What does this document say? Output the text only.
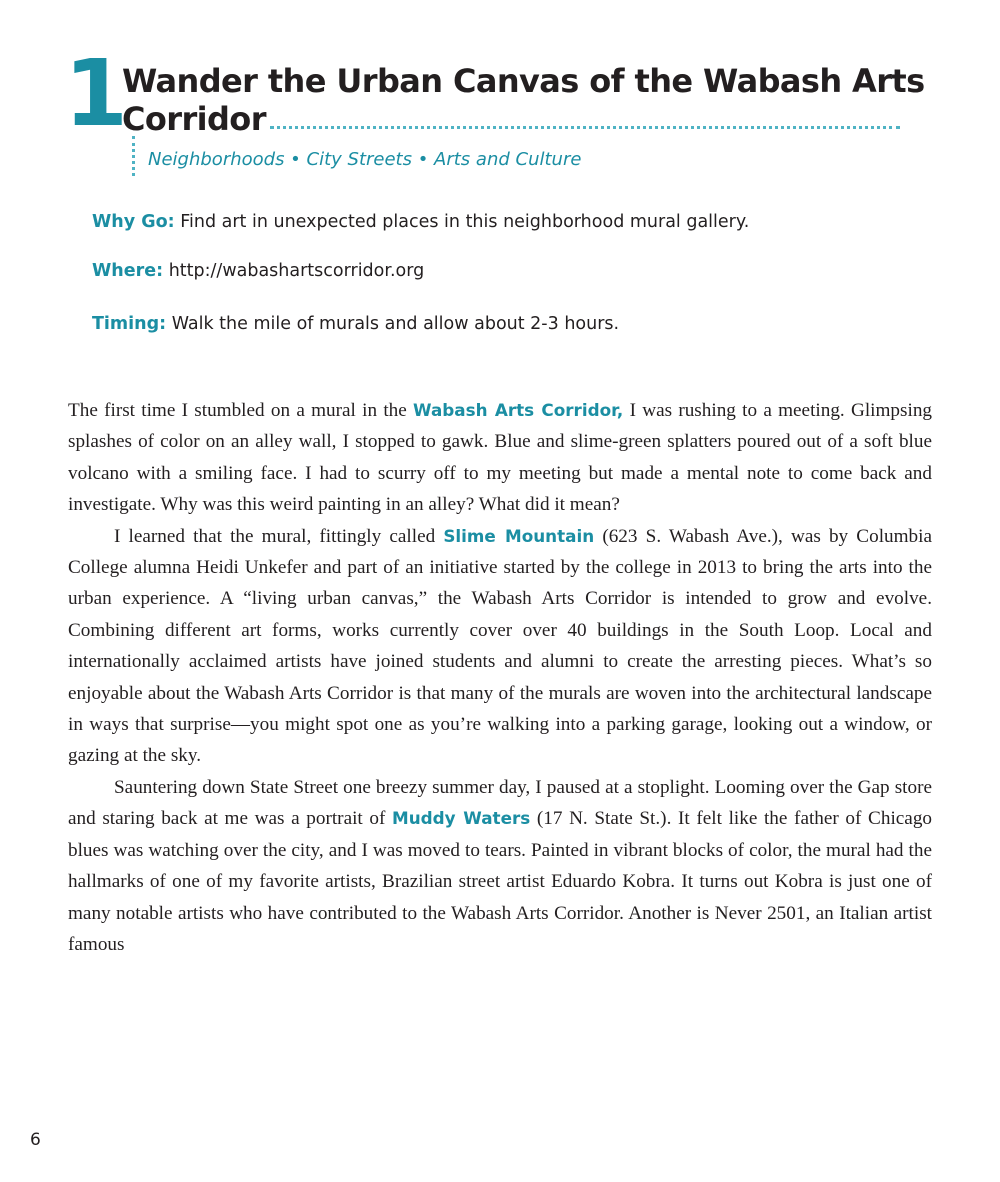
1
Wander the Urban Canvas of the Wabash Arts
Corridor
Neighborhoods • City Streets • Arts and Culture
Why Go: Find art in unexpected places in this neighborhood mural gallery.
Where: http://wabashartscorridor.org
Timing: Walk the mile of murals and allow about 2-3 hours.

The first time I stumbled on a mural in the Wabash Arts Corridor, I was rushing to a meeting. Glimpsing splashes of color on an alley wall, I stopped to gawk. Blue and slime-green splatters poured out of a soft blue volcano with a smiling face. I had to scurry off to my meeting but made a mental note to come back and investigate. Why was this weird painting in an alley? What did it mean?

I learned that the mural, fittingly called Slime Mountain (623 S. Wabash Ave.), was by Columbia College alumna Heidi Unkefer and part of an initiative started by the college in 2013 to bring the arts into the urban experience. A “living urban canvas,” the Wabash Arts Corridor is intended to grow and evolve. Combining different art forms, works currently cover over 40 buildings in the South Loop. Local and internationally acclaimed artists have joined students and alumni to create the arresting pieces. What’s so enjoyable about the Wabash Arts Corridor is that many of the murals are woven into the architectural landscape in ways that surprise—you might spot one as you’re walking into a parking garage, looking out a window, or gazing at the sky.

Sauntering down State Street one breezy summer day, I paused at a stoplight. Looming over the Gap store and staring back at me was a portrait of Muddy Waters (17 N. State St.). It felt like the father of Chicago blues was watching over the city, and I was moved to tears. Painted in vibrant blocks of color, the mural had the hallmarks of one of my favorite artists, Brazilian street artist Eduardo Kobra. It turns out Kobra is just one of many notable artists who have contributed to the Wabash Arts Corridor. Another is Never 2501, an Italian artist famous

6
